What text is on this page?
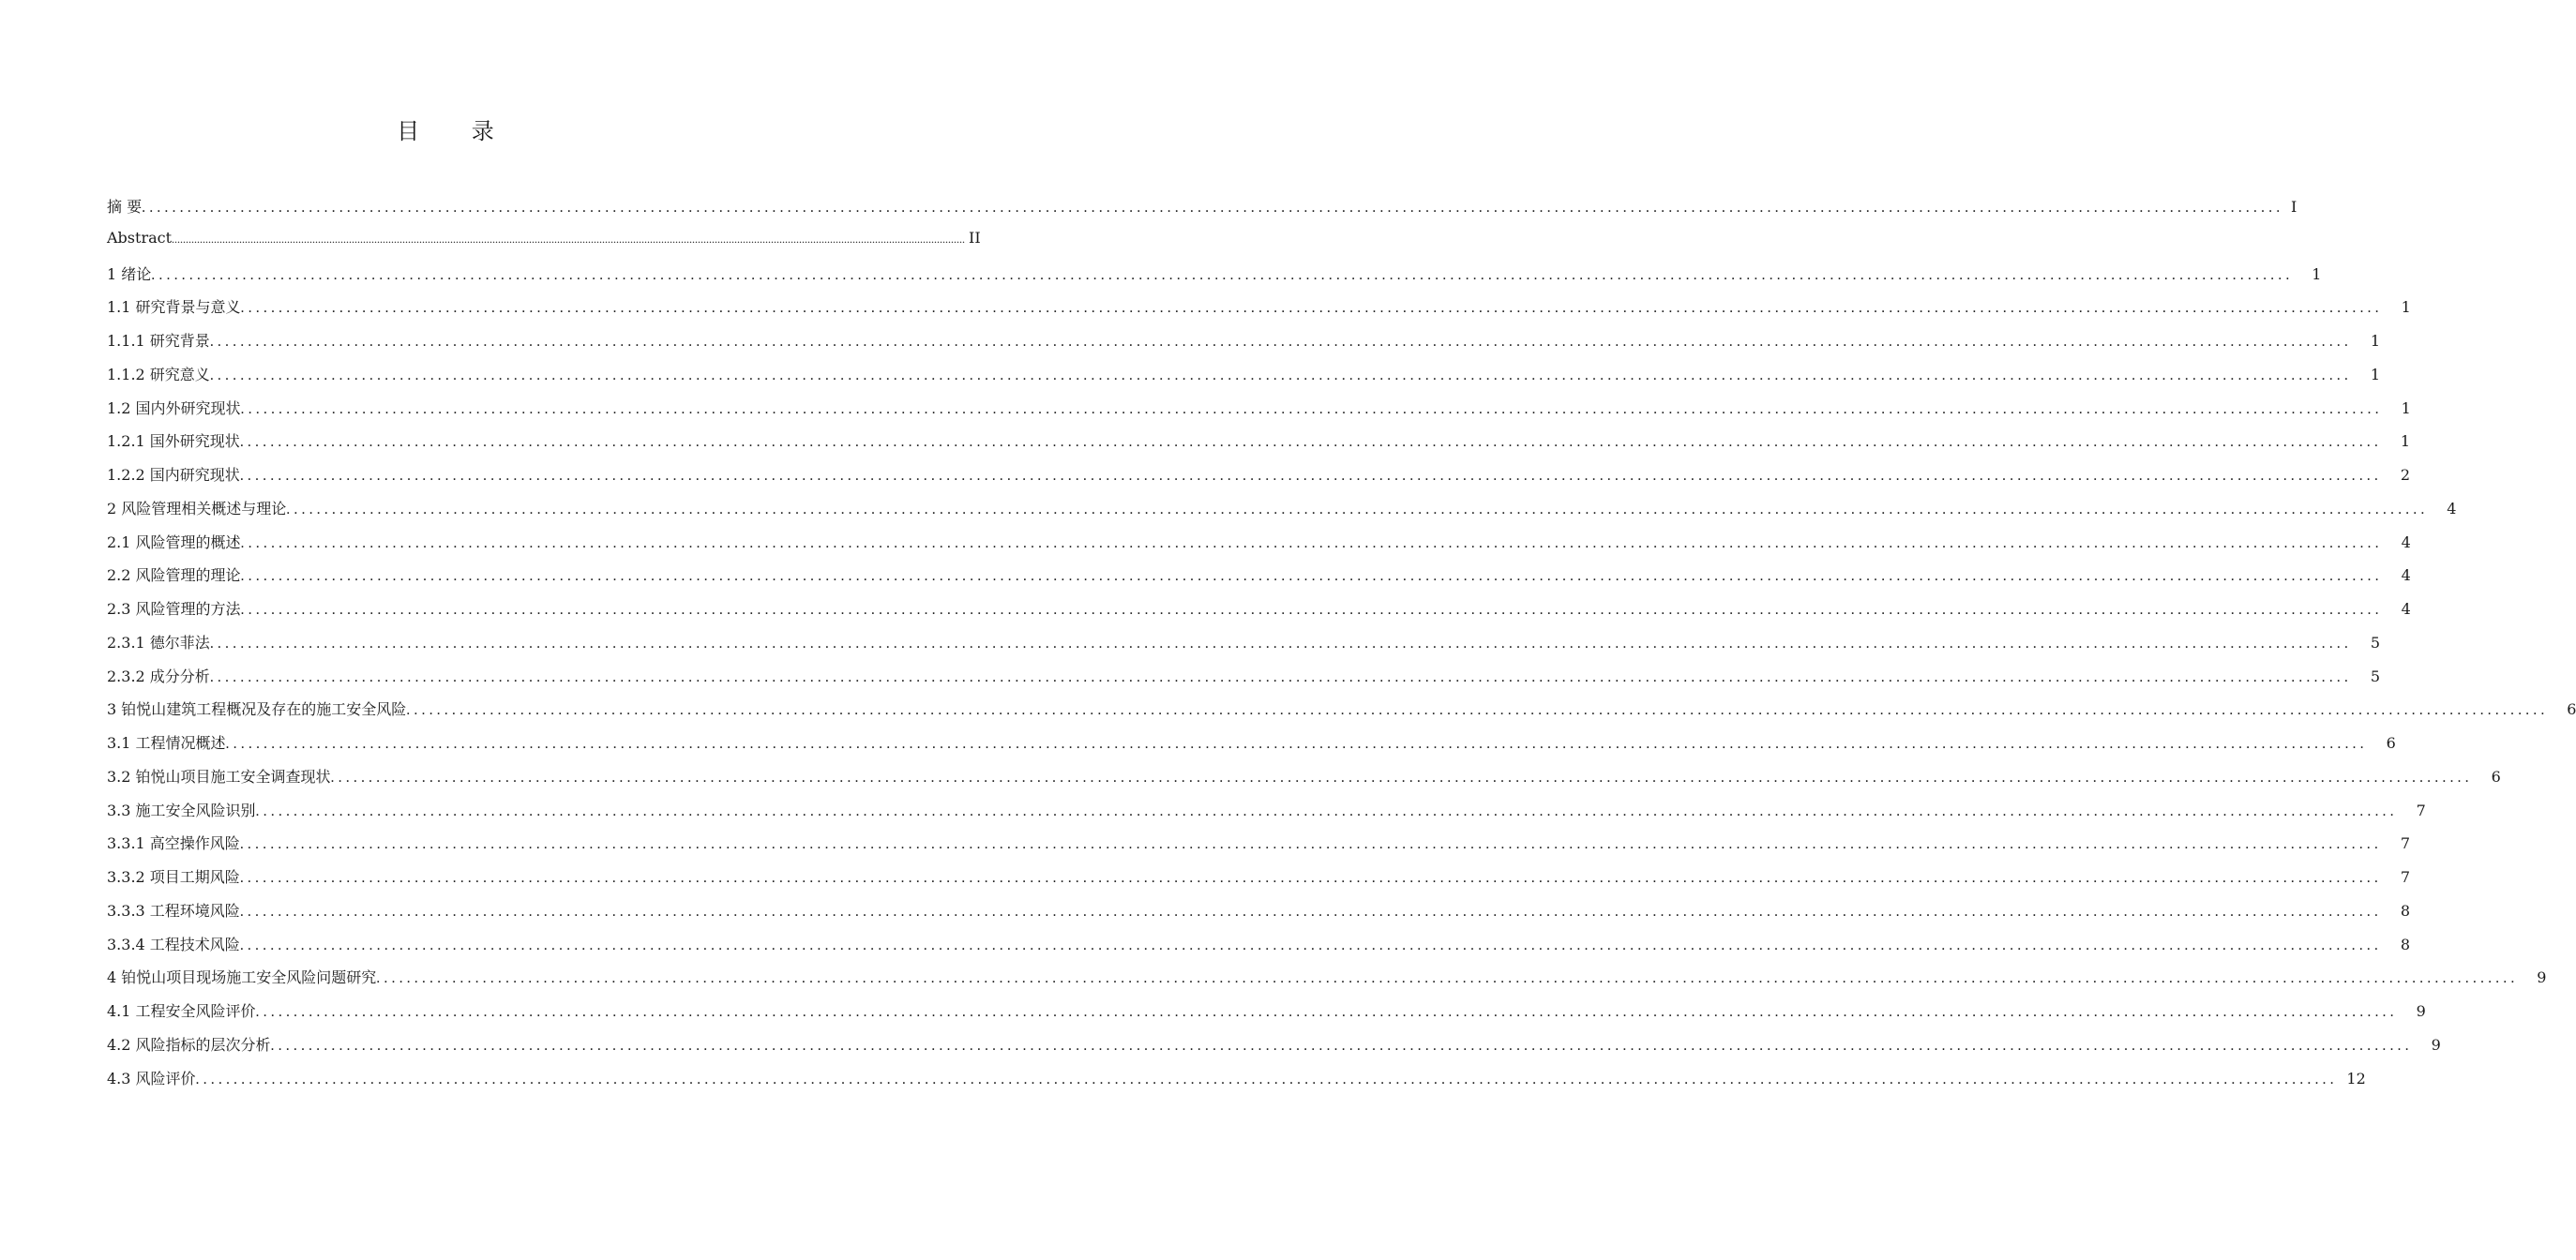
目 录
摘 要 .......................................................................................................................................................................................................................................................................................... I
Abstract .......................................................................................................................................................................................................................................................................................... II
1 绪论 ..........................................................................................................................................................................................................................................................................................	1
1.1 研究背景与意义 ..........................................................................................................................................................................................................................................................................................	1
1.1.1 研究背景 ..........................................................................................................................................................................................................................................................................................	1
1.1.2 研究意义 ..........................................................................................................................................................................................................................................................................................	1
1.2 国内外研究现状 ..........................................................................................................................................................................................................................................................................................	1
1.2.1 国外研究现状 ..........................................................................................................................................................................................................................................................................................	1
1.2.2 国内研究现状 ..........................................................................................................................................................................................................................................................................................	2
2 风险管理相关概述与理论 ..........................................................................................................................................................................................................................................................................................	4
2.1 风险管理的概述 ..........................................................................................................................................................................................................................................................................................	4
2.2 风险管理的理论 ..........................................................................................................................................................................................................................................................................................	4
2.3 风险管理的方法 ..........................................................................................................................................................................................................................................................................................	4
2.3.1 德尔菲法 ..........................................................................................................................................................................................................................................................................................	5
2.3.2 成分分析 ..........................................................................................................................................................................................................................................................................................	5
3 铂悦山建筑工程概况及存在的施工安全风险 ..........................................................................................................................................................................................................................................................................................	6
3.1 工程情况概述 ..........................................................................................................................................................................................................................................................................................	6
3.2 铂悦山项目施工安全调查现状 ..........................................................................................................................................................................................................................................................................................	6
3.3 施工安全风险识别 ..........................................................................................................................................................................................................................................................................................	7
3.3.1 高空操作风险 ..........................................................................................................................................................................................................................................................................................	7
3.3.2 项目工期风险 ..........................................................................................................................................................................................................................................................................................	7
3.3.3 工程环境风险 ..........................................................................................................................................................................................................................................................................................	8
3.3.4 工程技术风险 ..........................................................................................................................................................................................................................................................................................	8
4 铂悦山项目现场施工安全风险问题研究 ..........................................................................................................................................................................................................................................................................................	9
4.1 工程安全风险评价 ..........................................................................................................................................................................................................................................................................................	9
4.2 风险指标的层次分析 ..........................................................................................................................................................................................................................................................................................	9
4.3 风险评价 .......................................................................................................................................................................................................................................................................................... 12
